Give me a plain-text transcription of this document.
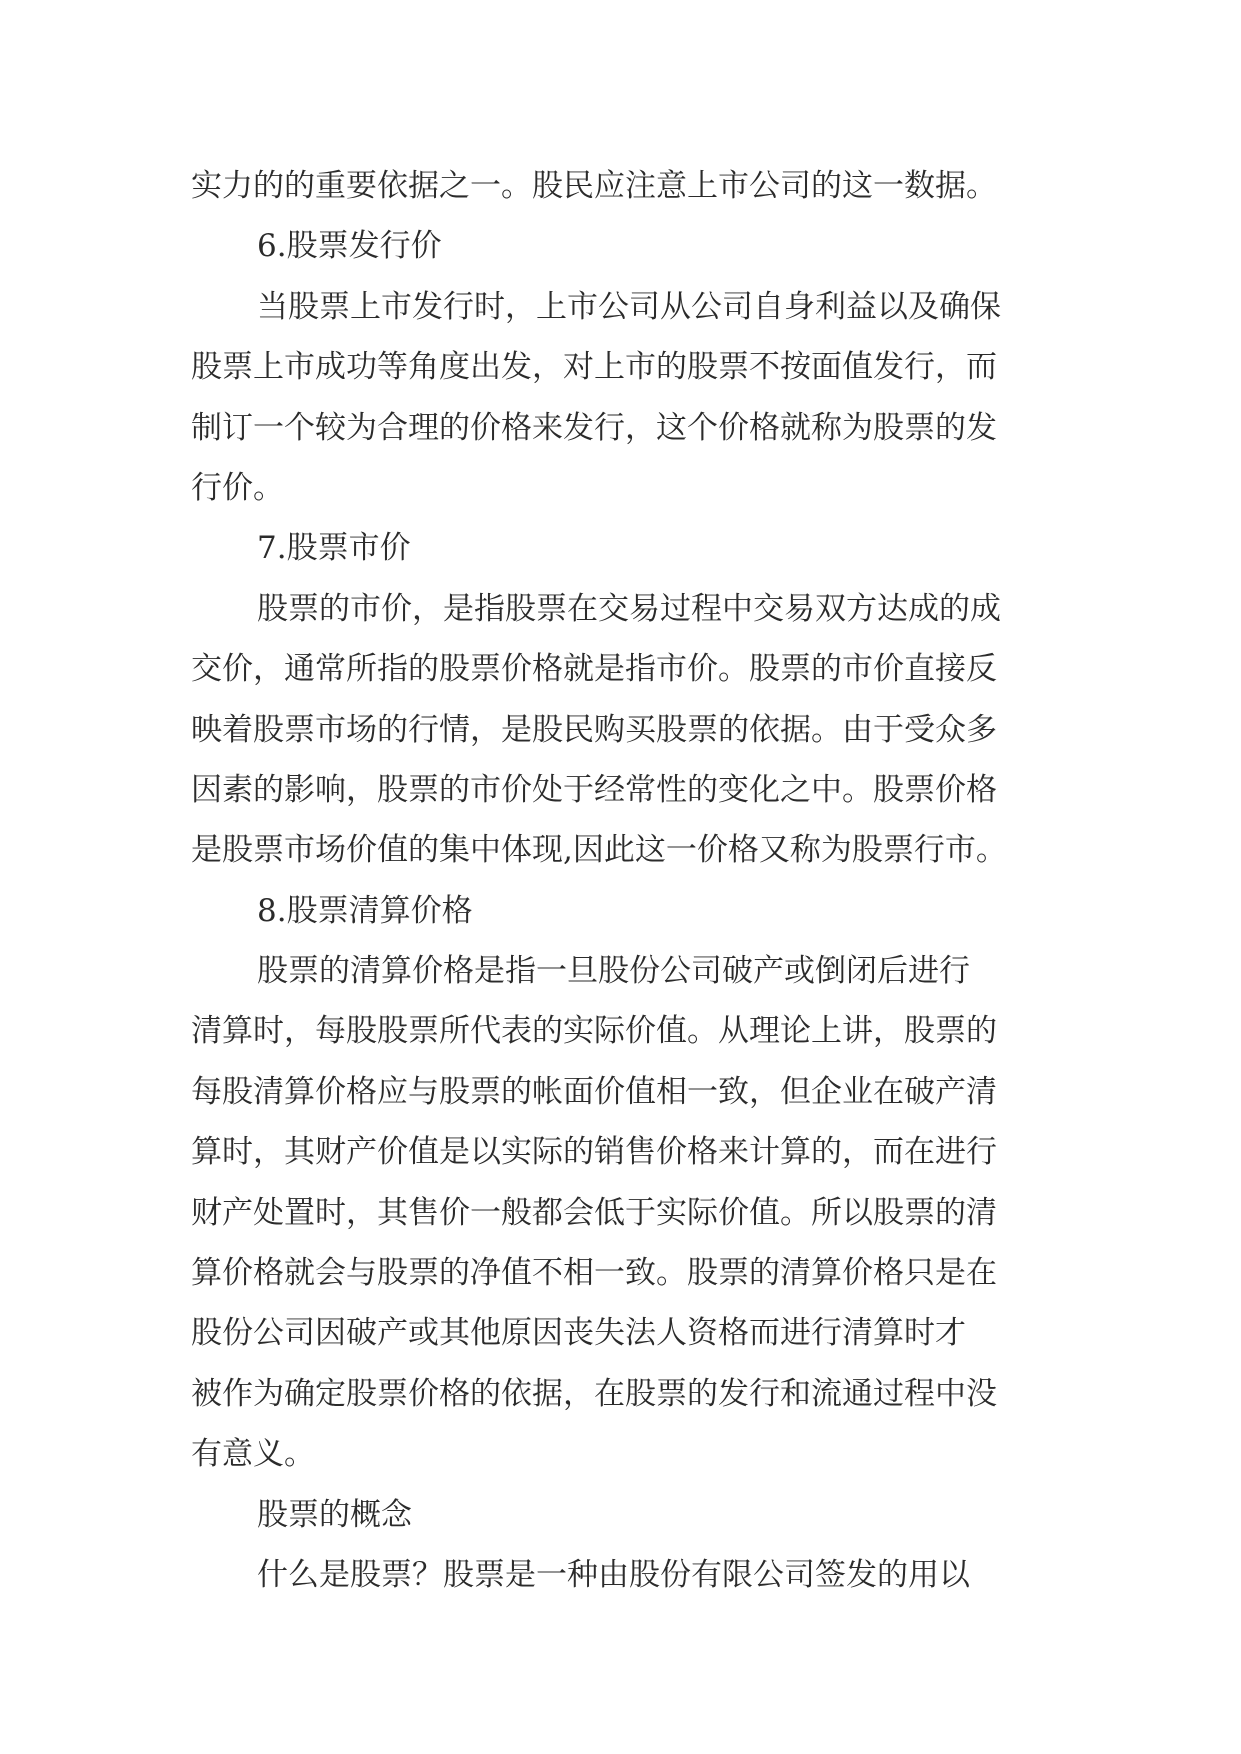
实力的的重要依据之一。股民应注意上市公司的这一数据。
6.股票发行价
当股票上市发行时，上市公司从公司自身利益以及确保
股票上市成功等角度出发，对上市的股票不按面值发行，而
制订一个较为合理的价格来发行，这个价格就称为股票的发
行价。
7.股票市价
股票的市价，是指股票在交易过程中交易双方达成的成
交价，通常所指的股票价格就是指市价。股票的市价直接反
映着股票市场的行情，是股民购买股票的依据。由于受众多
因素的影响，股票的市价处于经常性的变化之中。股票价格
是股票市场价值的集中体现,因此这一价格又称为股票行市。
8.股票清算价格
股票的清算价格是指一旦股份公司破产或倒闭后进行
清算时，每股股票所代表的实际价值。从理论上讲，股票的
每股清算价格应与股票的帐面价值相一致，但企业在破产清
算时，其财产价值是以实际的销售价格来计算的，而在进行
财产处置时，其售价一般都会低于实际价值。所以股票的清
算价格就会与股票的净值不相一致。股票的清算价格只是在
股份公司因破产或其他原因丧失法人资格而进行清算时才
被作为确定股票价格的依据，在股票的发行和流通过程中没
有意义。
股票的概念
什么是股票？股票是一种由股份有限公司签发的用以
